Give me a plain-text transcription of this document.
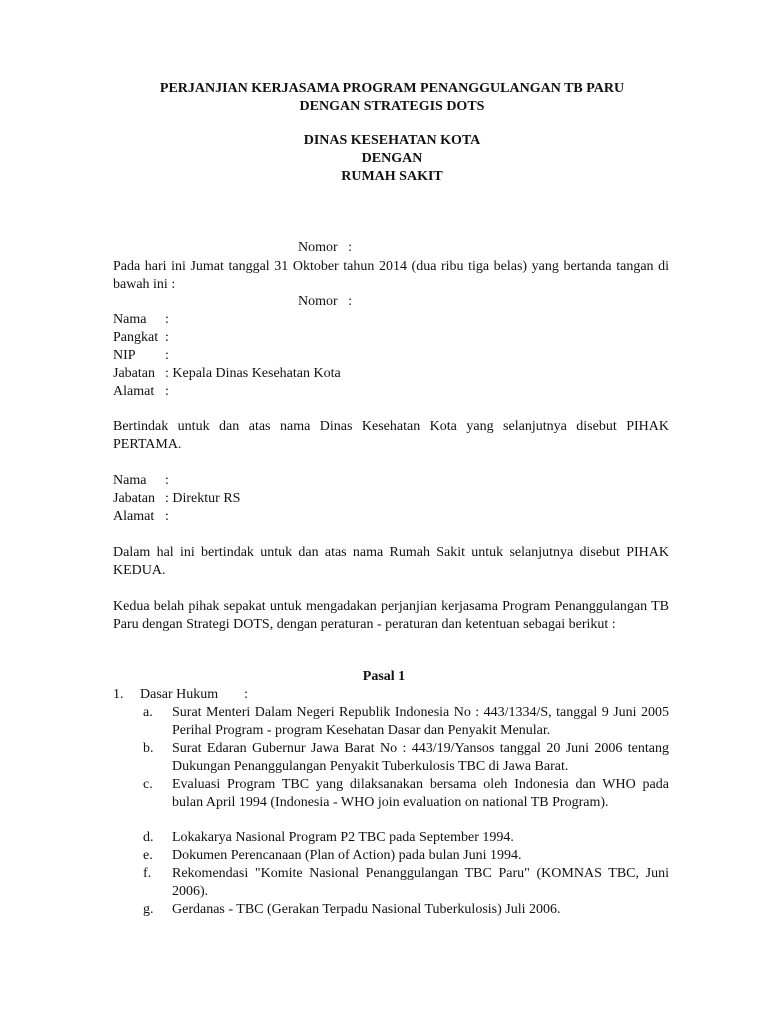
PERJANJIAN KERJASAMA PROGRAM PENANGGULANGAN TB PARU
DENGAN STRATEGIS DOTS
DINAS KESEHATAN KOTA
DENGAN
RUMAH SAKIT

Nomor   :

Nomor   :

Pada hari ini Jumat tanggal 31 Oktober tahun 2014 (dua ribu tiga belas) yang bertanda tangan di bawah ini :
Nama	:
Pangkat :
NIP	:
Jabatan : Kepala Dinas Kesehatan Kota
Alamat :
Bertindak untuk dan atas nama Dinas Kesehatan Kota yang selanjutnya disebut PIHAK PERTAMA.
Nama	:
Jabatan : Direktur RS
Alamat :
Dalam hal ini bertindak untuk dan atas nama Rumah Sakit untuk selanjutnya disebut PIHAK KEDUA.
Kedua belah pihak sepakat untuk mengadakan perjanjian kerjasama Program Penanggulangan TB Paru dengan Strategi DOTS, dengan peraturan - peraturan dan ketentuan sebagai berikut :
Pasal 1
1. Dasar Hukum :
a.	Surat Menteri Dalam Negeri Republik Indonesia No : 443/1334/S, tanggal 9 Juni 2005 Perihal Program - program Kesehatan Dasar dan Penyakit Menular.
b.	Surat Edaran Gubernur Jawa Barat No : 443/19/Yansos tanggal 20 Juni 2006 tentang Dukungan Penanggulangan Penyakit Tuberkulosis TBC di Jawa Barat.
c.	Evaluasi Program TBC yang dilaksanakan bersama oleh Indonesia dan WHO pada bulan April 1994 (Indonesia - WHO join evaluation on national TB Program).
d.	Lokakarya Nasional Program P2 TBC pada September 1994.
e.	Dokumen Perencanaan (Plan of Action) pada bulan Juni 1994.
f.	Rekomendasi "Komite Nasional Penanggulangan TBC Paru" (KOMNAS TBC, Juni 2006).
g.	Gerdanas - TBC (Gerakan Terpadu Nasional Tuberkulosis) Juli 2006.
